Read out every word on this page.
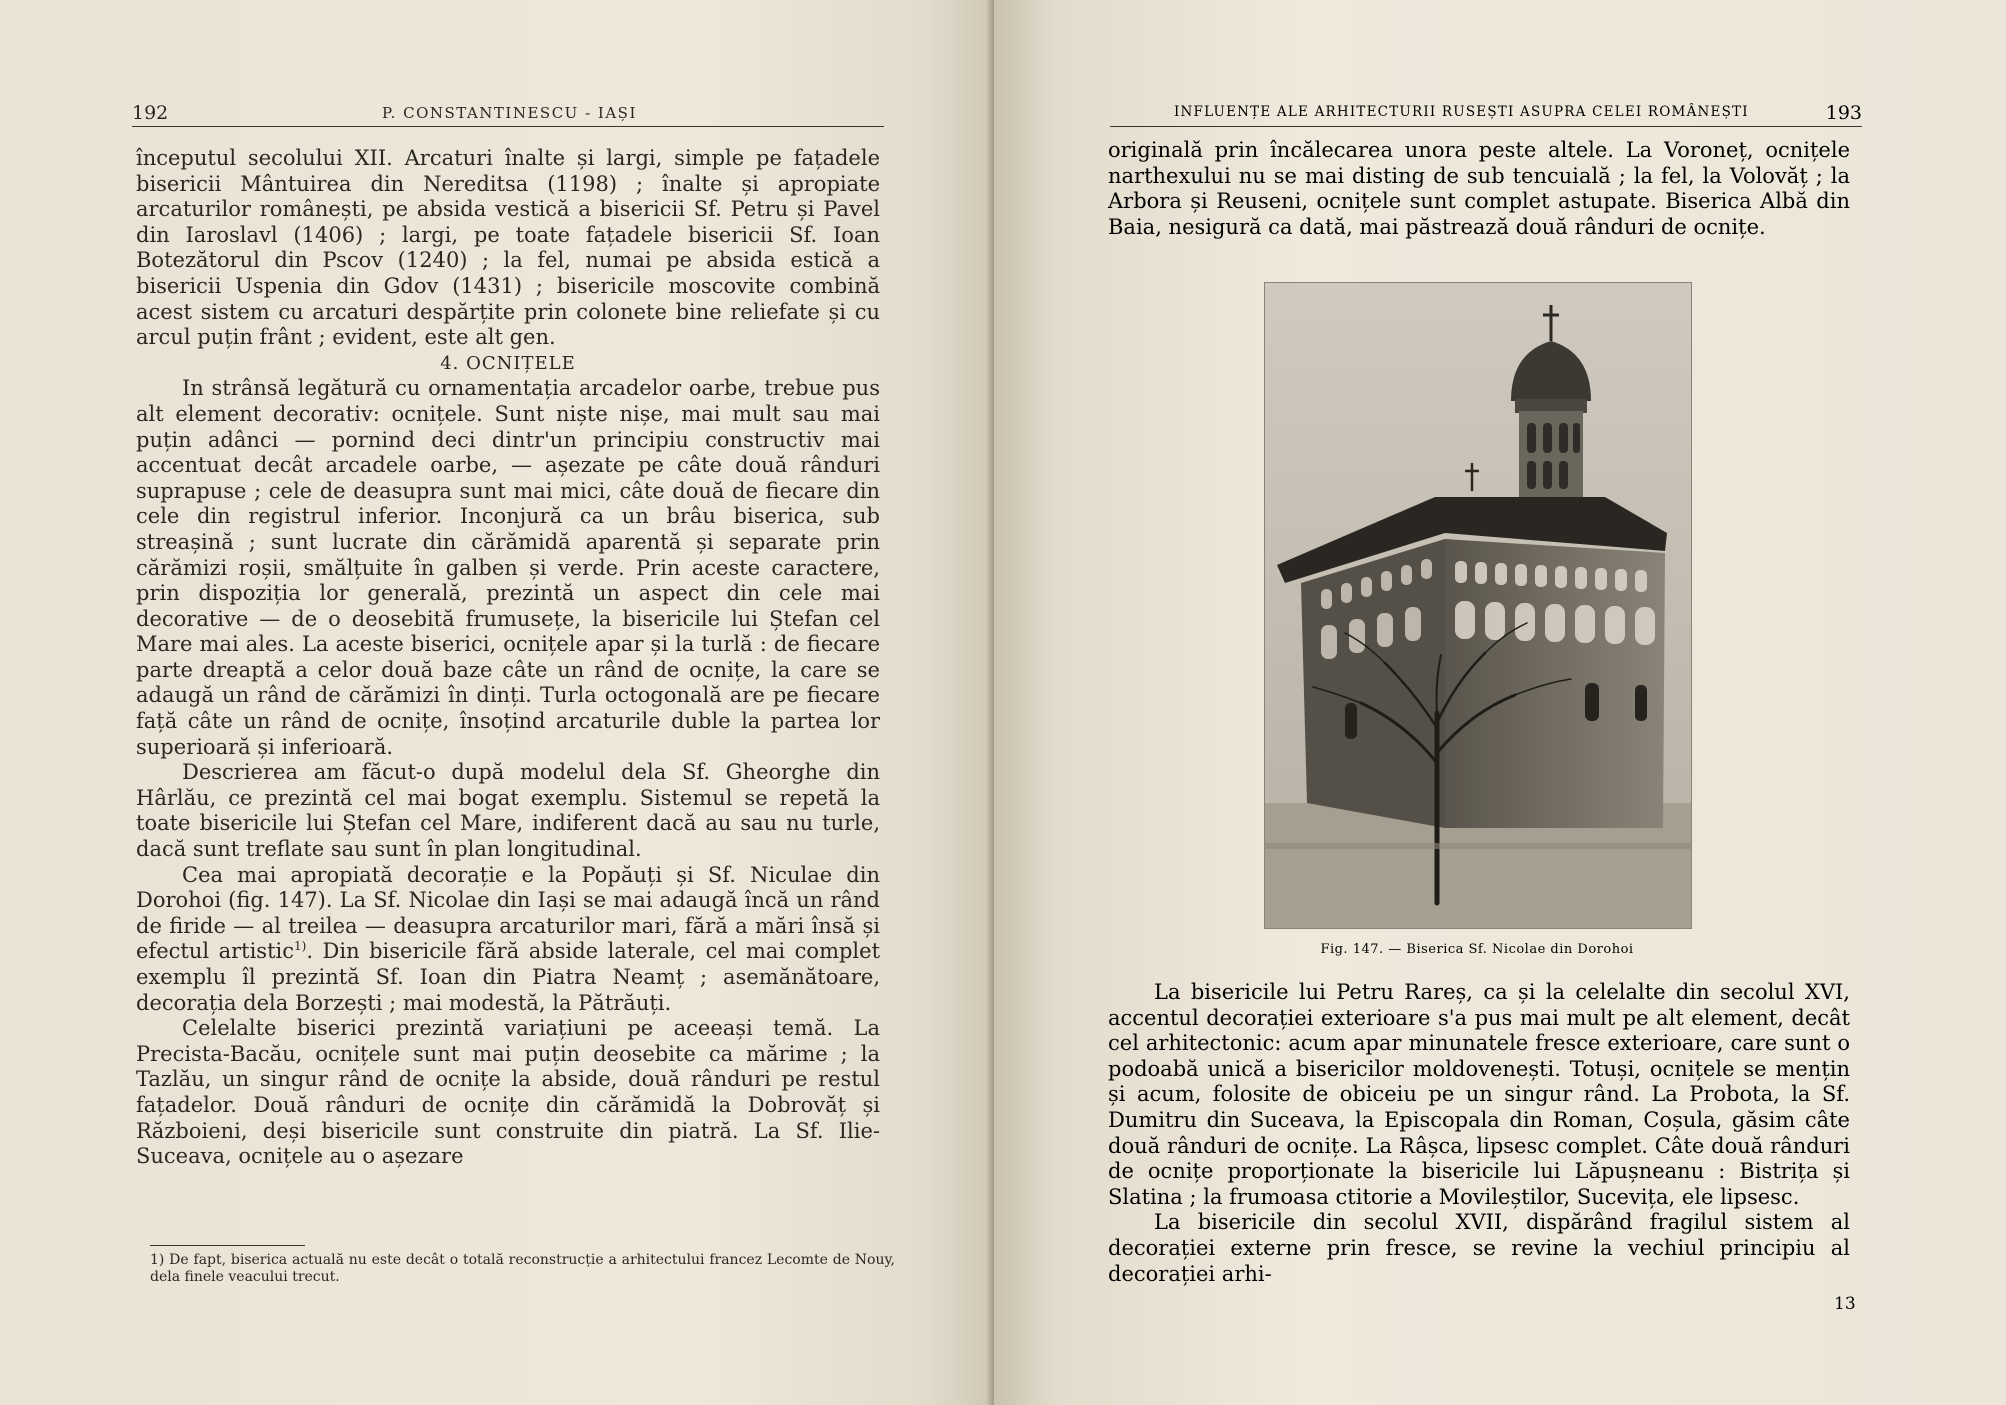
192	P. CONSTANTINESCU - IAȘI

începutul secolului XII. Arcaturi înalte și largi, simple pe fațadele bisericii Mântuirea din Nereditsa (1198) ; înalte și apropiate arcaturilor românești, pe absida vestică a bisericii Sf. Petru și Pavel din Iaroslavl (1406) ; largi, pe toate fațadele bisericii Sf. Ioan Botezătorul din Pscov (1240) ; la fel, numai pe absida estică a bisericii Uspenia din Gdov (1431) ; bisericile moscovite combină acest sistem cu arcaturi despărțite prin colonete bine reliefate și cu arcul puțin frânt ; evident, este alt gen.

4. OCNIȚELE

In strânsă legătură cu ornamentația arcadelor oarbe, trebue pus alt element decorativ: ocnițele. Sunt niște nișe, mai mult sau mai puțin adânci — pornind deci dintr'un principiu constructiv mai accentuat decât arcadele oarbe, — așezate pe câte două rânduri suprapuse ; cele de deasupra sunt mai mici, câte două de fiecare din cele din registrul inferior. Inconjură ca un brâu biserica, sub streașină ; sunt lucrate din cărămidă aparentă și separate prin cărămizi roșii, smălțuite în galben și verde. Prin aceste caractere, prin dispoziția lor generală, prezintă un aspect din cele mai decorative — de o deosebită frumusețe, la bisericile lui Ștefan cel Mare mai ales. La aceste biserici, ocnițele apar și la turlă : de fiecare parte dreaptă a celor două baze câte un rând de ocnițe, la care se adaugă un rând de cărămizi în dinți. Turla octogonală are pe fiecare față câte un rând de ocnițe, însoțind arcaturile duble la partea lor superioară și inferioară.

Descrierea am făcut-o după modelul dela Sf. Gheorghe din Hârlău, ce prezintă cel mai bogat exemplu. Sistemul se repetă la toate bisericile lui Ștefan cel Mare, indiferent dacă au sau nu turle, dacă sunt treflate sau sunt în plan longitudinal.

Cea mai apropiată decorație e la Popăuți și Sf. Niculae din Dorohoi (fig. 147). La Sf. Nicolae din Iași se mai adaugă încă un rând de firide — al treilea — deasupra arcaturilor mari, fără a mări însă și efectul artistic$^{1)}$. Din bisericile fără abside laterale, cel mai complet exemplu îl prezintă Sf. Ioan din Piatra Neamț ; asemănătoare, decorația dela Borzești ; mai modestă, la Pătrăuți.

Celelalte biserici prezintă variațiuni pe aceeași temă. La Precista-Bacău, ocnițele sunt mai puțin deosebite ca mărime ; la Tazlău, un singur rând de ocnițe la abside, două rânduri pe restul fațadelor. Două rânduri de ocnițe din cărămidă la Dobrovăț și Războieni, deși bisericile sunt construite din piatră. La Sf. Ilie-Suceava, ocnițele au o așezare

1) De fapt, biserica actuală nu este decât o totală reconstrucție a arhitectului francez Lecomte de Nouy, dela finele veacului trecut.
INFLUENȚE ALE ARHITECTURII RUSEȘTI ASUPRA CELEI ROMÂNEȘTI	193

originală prin încălecarea unora peste altele. La Voroneț, ocnițele narthexului nu se mai disting de sub tencuială ; la fel, la Volovăț ; la Arbora și Reuseni, ocnițele sunt complet astupate. Biserica Albă din Baia, nesigură ca dată, mai păstrează două rânduri de ocnițe.

Fig. 147. — Biserica Sf. Nicolae din Dorohoi

La bisericile lui Petru Rareș, ca și la celelalte din secolul XVI, accentul decorației exterioare s'a pus mai mult pe alt element, decât cel arhitectonic: acum apar minunatele fresce exterioare, care sunt o podoabă unică a bisericilor moldovenești. Totuși, ocnițele se mențin și acum, folosite de obiceiu pe un singur rând. La Probota, la Sf. Dumitru din Suceava, la Episcopala din Roman, Coșula, găsim câte două rânduri de ocnițe. La Râșca, lipsesc complet. Câte două rânduri de ocnițe proporționate la bisericile lui Lăpușneanu : Bistrița și Slatina ; la frumoasa ctitorie a Movileștilor, Sucevița, ele lipsesc.

La bisericile din secolul XVII, dispărând fragilul sistem al decorației externe prin fresce, se revine la vechiul principiu al decorației arhi-

13
